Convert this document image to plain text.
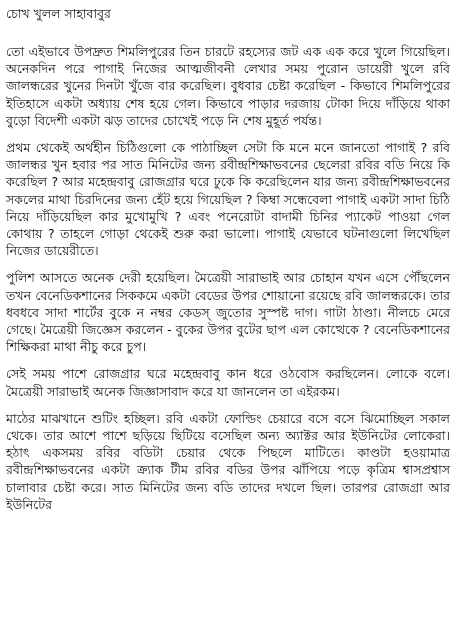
চোখ খুলল সাহাবাবুর

তো এইভাবে উপদ্রুত শিমলিপুরের তিন চারটে রহস্যের জট এক এক করে খুলে গিয়েছিল। অনেকদিন পরে পাগাই নিজের আত্মজীবনী লেখার সময় পুরোন ডায়েরী খুলে রবি জালন্ধরের খুনের দিনটা খুঁজে বার করেছিল। বুধবার চেষ্টা করেছিল - কিভাবে শিমলিপুরের ইতিহাসে একটা অধ্যায় শেষ হয়ে গেল। কিভাবে পাড়ার দরজায় টোকা দিয়ে দাঁড়িয়ে থাকা বুড়ো বিদেশী একটা ঝড় তাদের চোখেই পড়ে নি শেষ মুহূর্ত পর্যন্ত।

প্রথম থেকেই অর্থহীন চিঠিগুলো কে পাঠাচ্ছিল সেটা কি মনে মনে জানতো পাগাই ? রবি জালন্ধর খুন হবার পর সাত মিনিটের জন্য রবীন্দ্রশিক্ষাভবনের ছেলেরা রবির বডি নিয়ে কি করেছিল ? আর মহেন্দ্রবাবু রোজগ্রার ঘরে ঢুকে কি করেছিলেন যার জন্য রবীন্দ্রশিক্ষাভবনের সকলের মাথা চিরদিনের জন্য হেঁট হয়ে গিয়েছিল ? কিম্বা সন্ধেবেলা পাগাই একটা সাদা চিঠি নিয়ে দাঁড়িয়েছিল কার মুখোমুখি ? এবং পনেরোটা বাদামী চিনির প্যাকেট পাওয়া গেল কোথায় ? তাহলে গোড়া থেকেই শুরু করা ভালো। পাগাই যেভাবে ঘটনাগুলো লিখেছিল নিজের ডায়েরীতে।

পুলিশ আসতে অনেক দেরী হয়েছিল। মৈত্রেয়ী সারাভাই আর চোহান যখন এসে পৌঁছলেন তখন বেনেডিকশানের সিককমে একটা বেডের উপর শোয়ানো রয়েছে রবি জালন্ধরকে। তার ধবধবে সাদা শার্টের বুকে ন নম্বর কেডস্ জুতোর সুস্পষ্ট দাগ। গাটা ঠাণ্ডা। নীলচে মেরে গেছে। মৈত্রেয়ী জিজ্ঞেস করলেন - বুকের উপর বুটের ছাপ এল কোত্থেকে ? বেনেডিকশানের শিক্ষিকরা মাথা নীচু করে চুপ।

সেই সময় পাশে রোজগ্রার ঘরে মহেন্দ্রবাবু কান ধরে ওঠবোস করছিলেন। লোকে বলে। মৈত্রেয়ী সারাভাই অনেক জিজ্ঞাসাবাদ করে যা জানলেন তা এইরকম।

মাঠের মাঝখানে শুটিং হচ্ছিল। রবি একটা ফোল্ডিং চেয়ারে বসে বসে ঝিমোচ্ছিল সকাল থেকে। তার আশে পাশে ছড়িয়ে ছিটিয়ে বসেছিল অন্য অ্যাক্টর আর ইউনিটের লোকেরা। হঠাৎ একসময় রবির বডিটা চেয়ার থেকে পিছলে মাটিতে। কাণ্ডটা হওয়ামাত্র রবীন্দ্রশিক্ষাভবনের একটা ক্র্যাক টীম রবির বডির উপর ঝাঁপিয়ে পড়ে কৃত্রিম শ্বাসপ্রশ্বাস চালাবার চেষ্টা করে। সাত মিনিটের জন্য বডি তাদের দখলে ছিল। তারপর রোজগ্রা আর ইউনিটের
